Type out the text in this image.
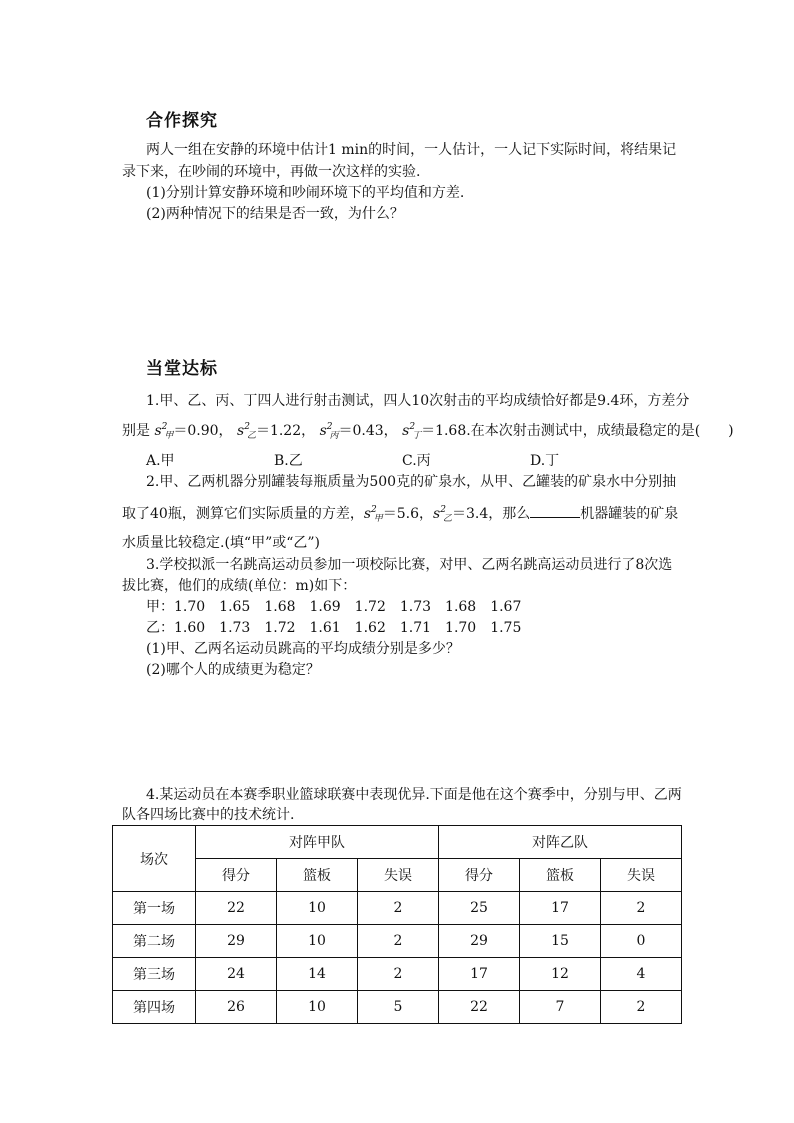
合作探究
两人一组在安静的环境中估计1 min的时间，一人估计，一人记下实际时间，将结果记
录下来，在吵闹的环境中，再做一次这样的实验.
(1)分别计算安静环境和吵闹环境下的平均值和方差.
(2)两种情况下的结果是否一致，为什么？
当堂达标
1.甲、乙、丙、丁四人进行射击测试，四人10次射击的平均成绩恰好都是9.4环，方差分
别是 $s^2_甲=0.90$， $s^2_乙=1.22$， $s^2_丙=0.43$， $s^2_丁=1.68$.在本次射击测试中，成绩最稳定的是(　　)
A.甲	B.乙	C.丙	D.丁
2.甲、乙两机器分别罐装每瓶质量为500克的矿泉水，从甲、乙罐装的矿泉水中分别抽
取了40瓶，测算它们实际质量的方差，$s^2_甲=5.6$，$s^2_乙=3.4$，那么	机器罐装的矿泉
水质量比较稳定.(填“甲”或“乙”)
3.学校拟派一名跳高运动员参加一项校际比赛，对甲、乙两名跳高运动员进行了8次选
拔比赛，他们的成绩(单位：m)如下：
甲：1.70　1.65　1.68　1.69　1.72　1.73　1.68　1.67
乙：1.60　1.73　1.72　1.61　1.62　1.71　1.70　1.75
(1)甲、乙两名运动员跳高的平均成绩分别是多少？
(2)哪个人的成绩更为稳定？
4.某运动员在本赛季职业篮球联赛中表现优异.下面是他在这个赛季中，分别与甲、乙两
队各四场比赛中的技术统计.
场次	对阵甲队			对阵乙队		
	得分	篮板	失误	得分	篮板	失误
第一场	22	10	2	25	17	2
第二场	29	10	2	29	15	0
第三场	24	14	2	17	12	4
第四场	26	10	5	22	7	2
